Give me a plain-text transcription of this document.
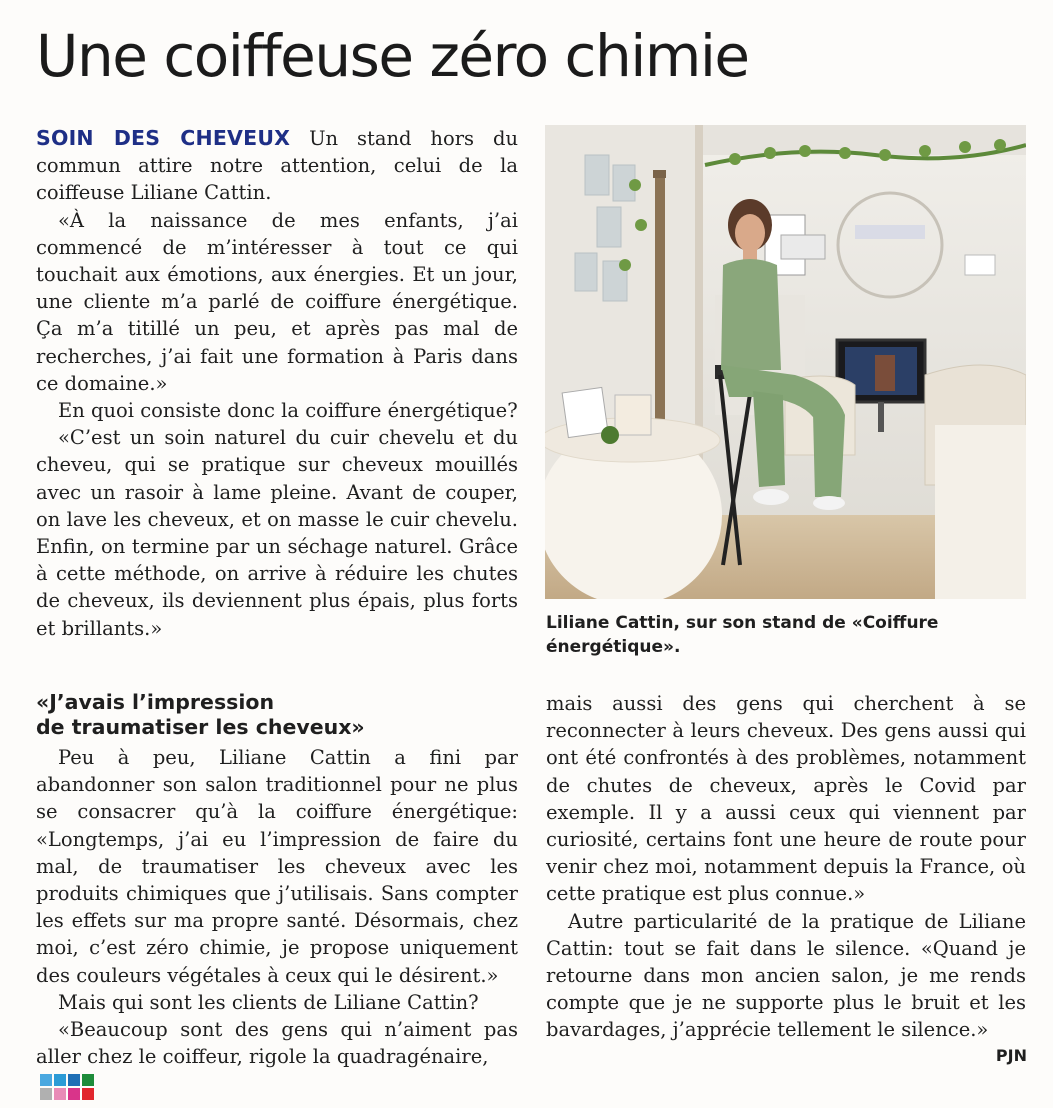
Une coiffeuse zéro chimie

SOIN DES CHEVEUX Un stand hors du commun attire notre attention, celui de la coiffeuse Liliane Cattin.

«À la naissance de mes enfants, j’ai commencé de m’intéresser à tout ce qui touchait aux émotions, aux énergies. Et un jour, une cliente m’a parlé de coiffure énergétique. Ça m’a titillé un peu, et après pas mal de recherches, j’ai fait une formation à Paris dans ce domaine.»

En quoi consiste donc la coiffure énergétique?

«C’est un soin naturel du cuir chevelu et du cheveu, qui se pratique sur cheveux mouillés avec un rasoir à lame pleine. Avant de couper, on lave les cheveux, et on masse le cuir chevelu. Enfin, on termine par un séchage naturel. Grâce à cette méthode, on arrive à réduire les chutes de cheveux, ils deviennent plus épais, plus forts et brillants.»	Liliane Cattin, sur son stand de «Coiffure énergétique».
«J’avais l’impression
de traumatiser les cheveux»

Peu à peu, Liliane Cattin a fini par abandonner son salon traditionnel pour ne plus se consacrer qu’à la coiffure énergétique: «Longtemps, j’ai eu l’impression de faire du mal, de traumatiser les cheveux avec les produits chimiques que j’utilisais. Sans compter les effets sur ma propre santé. Désormais, chez moi, c’est zéro chimie, je propose uniquement des couleurs végétales à ceux qui le désirent.»

Mais qui sont les clients de Liliane Cattin?

«Beaucoup sont des gens qui n’aiment pas aller chez le coiffeur, rigole la quadragénaire,

mais aussi des gens qui cherchent à se reconnecter à leurs cheveux. Des gens aussi qui ont été confrontés à des problèmes, notamment de chutes de cheveux, après le Covid par exemple. Il y a aussi ceux qui viennent par curiosité, certains font une heure de route pour venir chez moi, notamment depuis la France, où cette pratique est plus connue.»

Autre particularité de la pratique de Liliane Cattin: tout se fait dans le silence. «Quand je retourne dans mon ancien salon, je me rends compte que je ne supporte plus le bruit et les bavardages, j’apprécie tellement le silence.»

PJN
